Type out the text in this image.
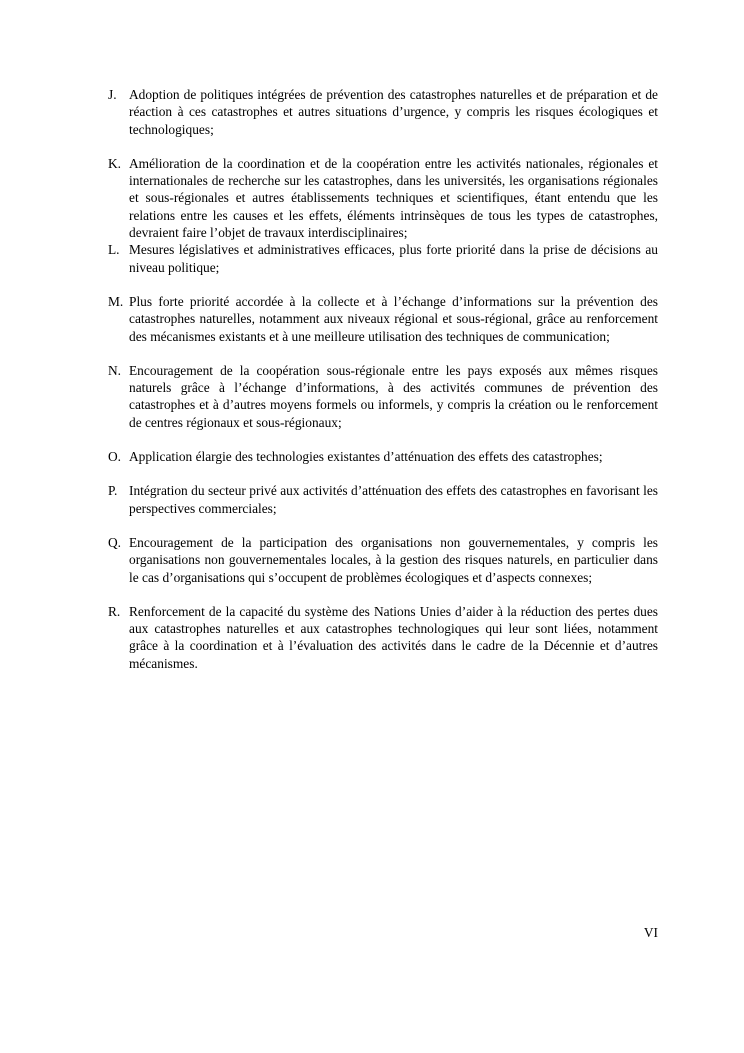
J. Adoption de politiques intégrées de prévention des catastrophes naturelles et de préparation et de réaction à ces catastrophes et autres situations d’urgence, y compris les risques écologiques et technologiques;
K. Amélioration de la coordination et de la coopération entre les activités nationales, régionales et internationales de recherche sur les catastrophes, dans les universités, les organisations régionales et sous-régionales et autres établissements techniques et scientifiques, étant entendu que les relations entre les causes et les effets, éléments intrinsèques de tous les types de catastrophes, devraient faire l’objet de travaux interdisciplinaires;
L. Mesures législatives et administratives efficaces, plus forte priorité dans la prise de décisions au niveau politique;
M. Plus forte priorité accordée à la collecte et à l’échange d’informations sur la prévention des catastrophes naturelles, notamment aux niveaux régional et sous-régional, grâce au renforcement des mécanismes existants et à une meilleure utilisation des techniques de communication;
N. Encouragement de la coopération sous-régionale entre les pays exposés aux mêmes risques naturels grâce à l’échange d’informations, à des activités communes de prévention des catastrophes et à d’autres moyens formels ou informels, y compris la création ou le renforcement de centres régionaux et sous-régionaux;
O. Application élargie des technologies existantes d’atténuation des effets des catastrophes;
P. Intégration du secteur privé aux activités d’atténuation des effets des catastrophes en favorisant les perspectives commerciales;
Q. Encouragement de la participation des organisations non gouvernementales, y compris les organisations non gouvernementales locales, à la gestion des risques naturels, en particulier dans le cas d’organisations qui s’occupent de problèmes écologiques et d’aspects connexes;
R. Renforcement de la capacité du système des Nations Unies d’aider à la réduction des pertes dues aux catastrophes naturelles et aux catastrophes technologiques qui leur sont liées, notamment grâce à la coordination et à l’évaluation des activités dans le cadre de la Décennie et d’autres mécanismes.
VI
